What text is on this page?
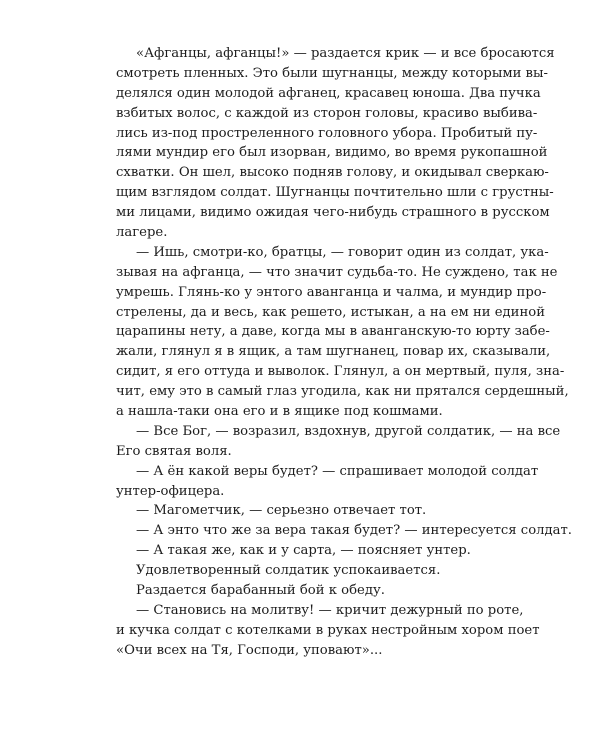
«Афганцы, афганцы!» — раздается крик — и все бросаются
смотреть пленных. Это были шугнанцы, между которыми вы-
делялся один молодой афганец, красавец юноша. Два пучка
взбитых волос, с каждой из сторон головы, красиво выбива-
лись из-под простреленного головного убора. Пробитый пу-
лями мундир его был изорван, видимо, во время рукопашной
схватки. Он шел, высоко подняв голову, и окидывал сверкаю-
щим взглядом солдат. Шугнанцы почтительно шли с грустны-
ми лицами, видимо ожидая чего-нибудь страшного в русском
лагере.
— Ишь, смотри-ко, братцы, — говорит один из солдат, ука-
зывая на афганца, — что значит судьба-то. Не суждено, так не
умрешь. Глянь-ко у энтого аванганца и чалма, и мундир про-
стрелены, да и весь, как решето, истыкан, а на ем ни единой
царапины нету, а даве, когда мы в аванганскую-то юрту забе-
жали, глянул я в ящик, а там шугнанец, повар их, сказывали,
сидит, я его оттуда и выволок. Глянул, а он мертвый, пуля, зна-
чит, ему это в самый глаз угодила, как ни прятался сердешный,
а нашла-таки она его и в ящике под кошмами.
— Все Бог, — возразил, вздохнув, другой солдатик, — на все
Его святая воля.
— А ён какой веры будет? — спрашивает молодой солдат
унтер-офицера.
— Магометчик, — серьезно отвечает тот.
— А энто что же за вера такая будет? — интересуется солдат.
— А такая же, как и у сарта, — поясняет унтер.
Удовлетворенный солдатик успокаивается.
Раздается барабанный бой к обеду.
— Становись на молитву! — кричит дежурный по роте,
и кучка солдат с котелками в руках нестройным хором поет
«Очи всех на Тя, Господи, уповают»...
